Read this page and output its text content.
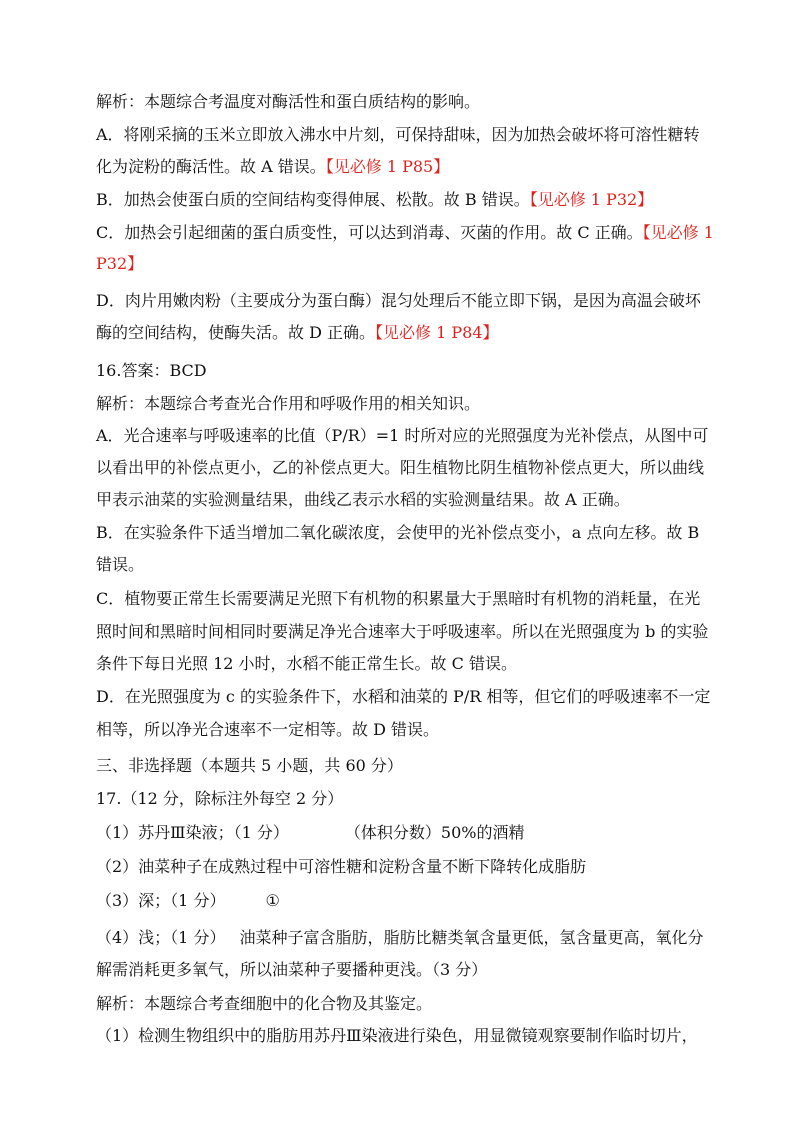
解析：本题综合考温度对酶活性和蛋白质结构的影响。
A．将刚采摘的玉米立即放入沸水中片刻，可保持甜味，因为加热会破坏将可溶性糖转
化为淀粉的酶活性。故 A 错误。【见必修 1 P85】
B．加热会使蛋白质的空间结构变得伸展、松散。故 B 错误。【见必修 1 P32】
C．加热会引起细菌的蛋白质变性，可以达到消毒、灭菌的作用。故 C 正确。【见必修 1
P32】
D．肉片用嫩肉粉（主要成分为蛋白酶）混匀处理后不能立即下锅，是因为高温会破坏
酶的空间结构，使酶失活。故 D 正确。【见必修 1 P84】
16.答案：BCD
解析：本题综合考查光合作用和呼吸作用的相关知识。
A．光合速率与呼吸速率的比值（P/R）=1 时所对应的光照强度为光补偿点，从图中可
以看出甲的补偿点更小，乙的补偿点更大。阳生植物比阴生植物补偿点更大，所以曲线
甲表示油菜的实验测量结果，曲线乙表示水稻的实验测量结果。故 A 正确。
B．在实验条件下适当增加二氧化碳浓度，会使甲的光补偿点变小，a 点向左移。故 B
错误。
C．植物要正常生长需要满足光照下有机物的积累量大于黑暗时有机物的消耗量，在光
照时间和黑暗时间相同时要满足净光合速率大于呼吸速率。所以在光照强度为 b 的实验
条件下每日光照 12 小时，水稻不能正常生长。故 C 错误。
D．在光照强度为 c 的实验条件下，水稻和油菜的 P/R 相等，但它们的呼吸速率不一定
相等，所以净光合速率不一定相等。故 D 错误。
三、非选择题（本题共 5 小题，共 60 分）
17.（12 分，除标注外每空 2 分）
（1）苏丹Ⅲ染液；（1 分）	（体积分数）50%的酒精
（2）油菜种子在成熟过程中可溶性糖和淀粉含量不断下降转化成脂肪
（3）深；（1 分）	①
（4）浅；（1 分） 油菜种子富含脂肪，脂肪比糖类氧含量更低，氢含量更高，氧化分
解需消耗更多氧气，所以油菜种子要播种更浅。（3 分）
解析：本题综合考查细胞中的化合物及其鉴定。
（1）检测生物组织中的脂肪用苏丹Ⅲ染液进行染色，用显微镜观察要制作临时切片，
